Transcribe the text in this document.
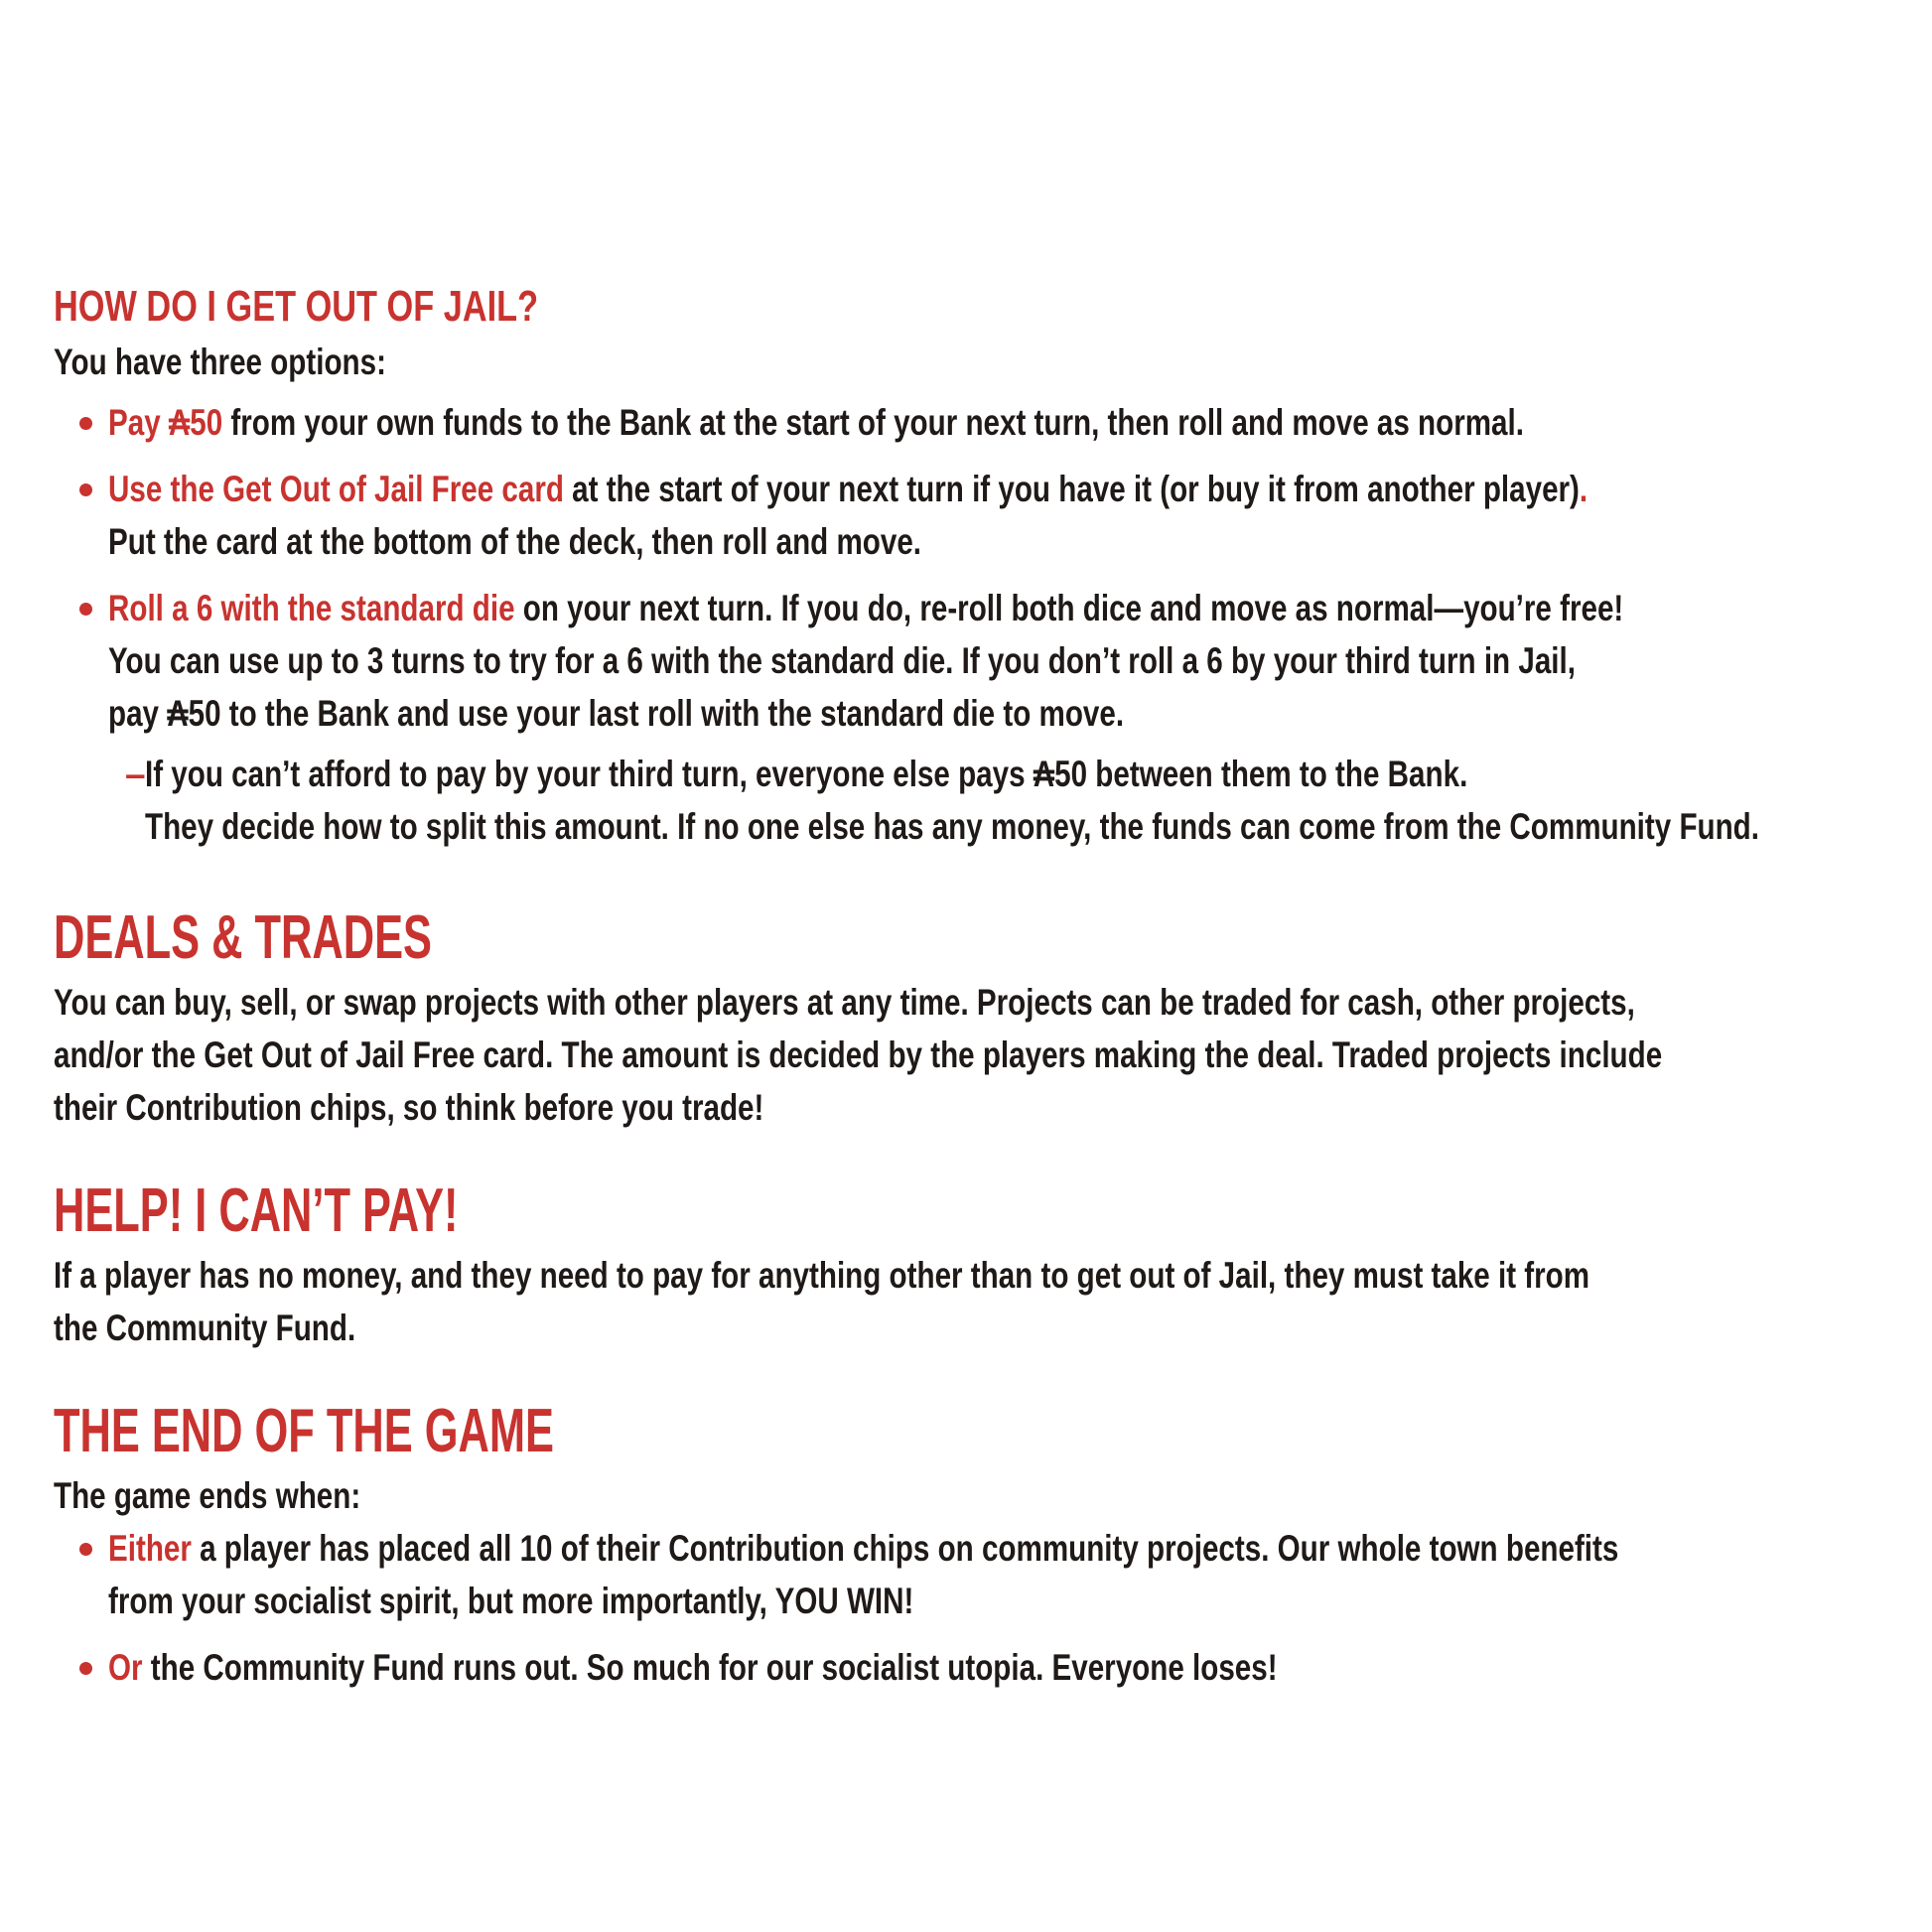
HOW DO I GET OUT OF JAIL?

You have three options:

Pay ₳50 from your own funds to the Bank at the start of your next turn, then roll and move as normal.

Use the Get Out of Jail Free card at the start of your next turn if you have it (or buy it from another player).

Put the card at the bottom of the deck, then roll and move.

Roll a 6 with the standard die on your next turn. If you do, re-roll both dice and move as normal—you’re free!

You can use up to 3 turns to try for a 6 with the standard die. If you don’t roll a 6 by your third turn in Jail,

pay ₳50 to the Bank and use your last roll with the standard die to move.

– If you can’t afford to pay by your third turn, everyone else pays ₳50 between them to the Bank.

They decide how to split this amount. If no one else has any money, the funds can come from the Community Fund.

DEALS & TRADES

You can buy, sell, or swap projects with other players at any time. Projects can be traded for cash, other projects,

and/or the Get Out of Jail Free card. The amount is decided by the players making the deal. Traded projects include

their Contribution chips, so think before you trade!

HELP! I CAN’T PAY!

If a player has no money, and they need to pay for anything other than to get out of Jail, they must take it from

the Community Fund.

THE END OF THE GAME

The game ends when:

Either a player has placed all 10 of their Contribution chips on community projects. Our whole town benefits

from your socialist spirit, but more importantly, YOU WIN!

Or the Community Fund runs out. So much for our socialist utopia. Everyone loses!
